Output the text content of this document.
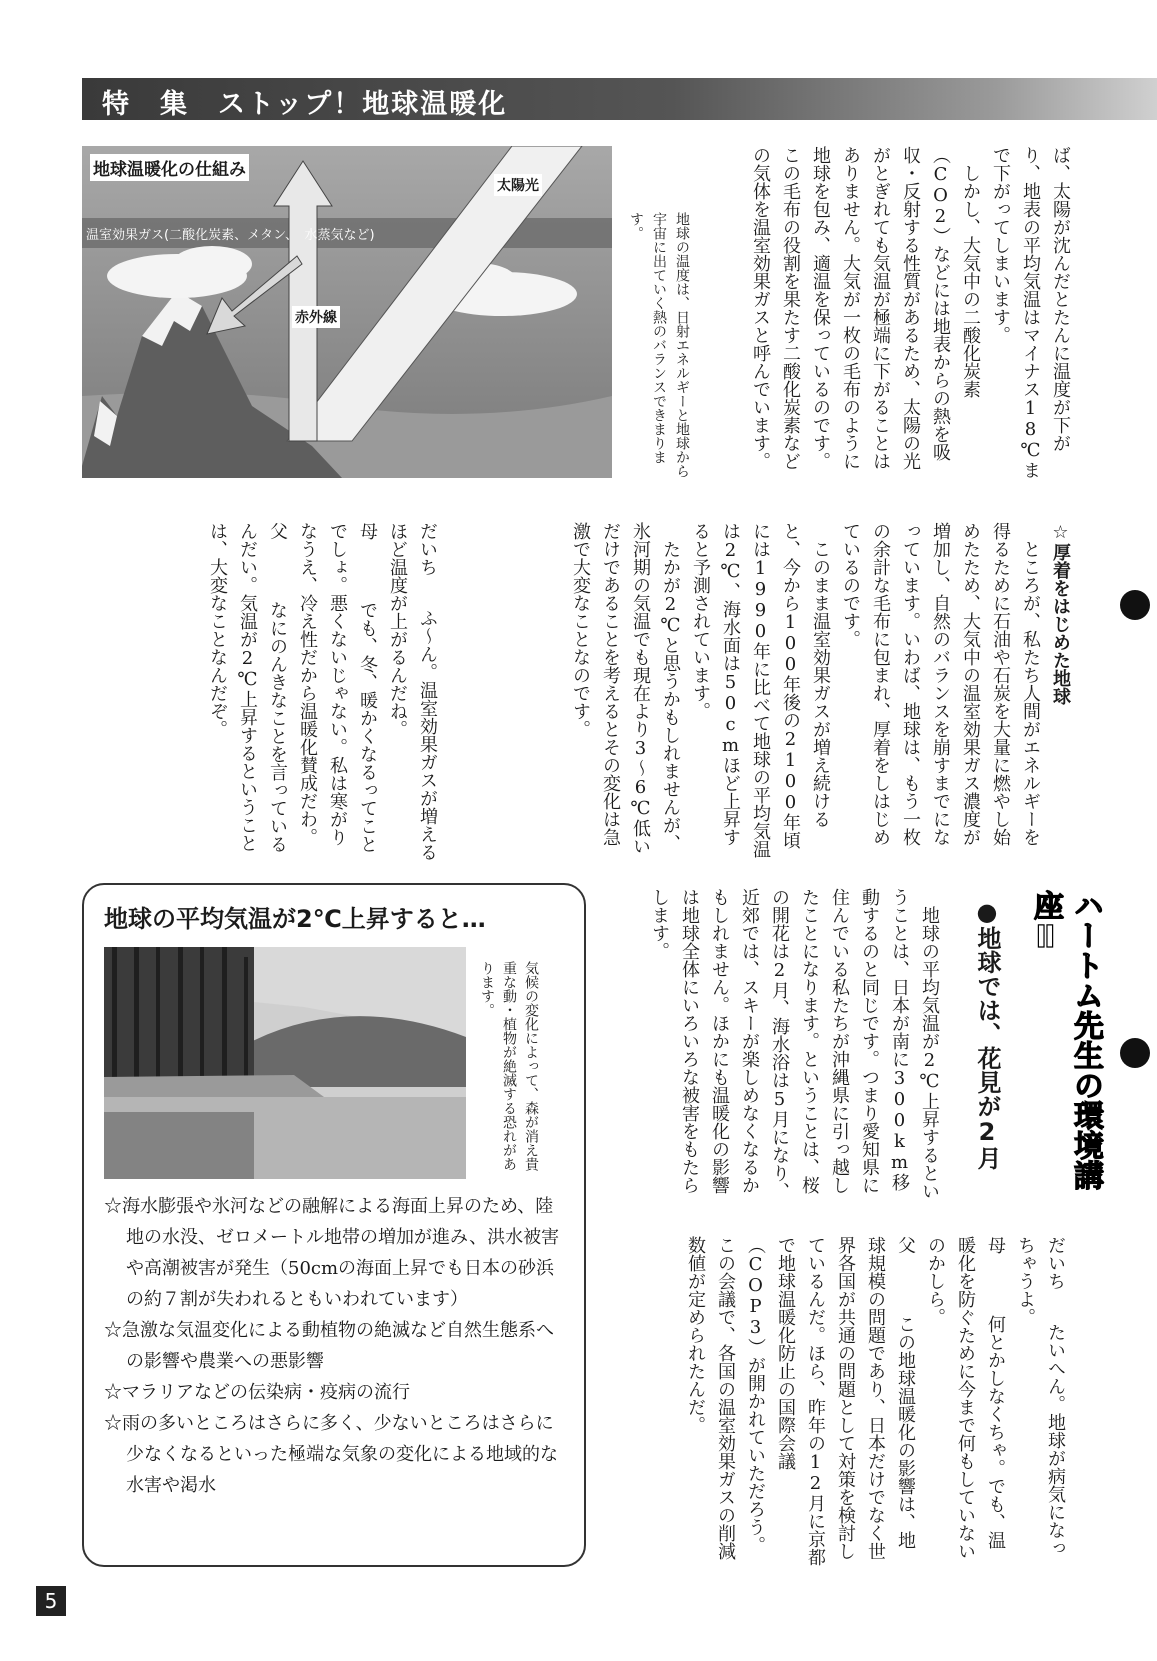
特　集　ストップ！地球温暖化
地球温暖化の仕組み
太陽光
温室効果ガス(二酸化炭素、メタン、　水蒸気など)
赤外線	地球の温度は、日射エネルギーと地球から宇宙に出ていく熱のバランスできまります。	ば、太陽が沈んだとたんに温度が下がり、地表の平均気温はマイナス18℃まで下がってしまいます。

しかし、大気中の二酸化炭素（CO2）などには地表からの熱を吸収・反射する性質があるため、太陽の光がとぎれても気温が極端に下がることはありません。大気が一枚の毛布のように地球を包み、適温を保っているのです。この毛布の役割を果たす二酸化炭素などの気体を温室効果ガスと呼んでいます。

☆厚着をはじめた地球

ところが、私たち人間がエネルギーを得るために石油や石炭を大量に燃やし始めたため、大気中の温室効果ガス濃度が増加し、自然のバランスを崩すまでになっています。いわば、地球は、もう一枚の余計な毛布に包まれ、厚着をしはじめているのです。

このまま温室効果ガスが増え続けると、今から100年後の2100年頃には1990年に比べて地球の平均気温は2℃、海水面は50cmほど上昇すると予測されています。

たかが2℃と思うかもしれませんが、氷河期の気温でも現在より3〜6℃低いだけであることを考えるとその変化は急激で大変なことなのです。

だいち ふ〜ん。温室効果ガスが増えるほど温度が上がるんだね。

母 でも、冬、暖かくなるってことでしょ。悪くないじゃない。私は寒がりなうえ、冷え性だから温暖化賛成だわ。

父 なにのんきなことを言っているんだい。気温が2℃上昇するということは、大変なことなんだぞ。

地球の平均気温が2℃上昇すると…
気候の変化によって、森が消え貴重な動・植物が絶滅する恐れがあります。

☆海水膨張や氷河などの融解による海面上昇のため、陸地の水没、ゼロメートル地帯の増加が進み、洪水被害や高潮被害が発生（50cmの海面上昇でも日本の砂浜の約７割が失われるともいわれています）

☆急激な気温変化による動植物の絶滅など自然生態系への影響や農業への悪影響

☆マラリアなどの伝染病・疫病の流行

☆雨の多いところはさらに多く、少ないところはさらに少なくなるといった極端な気象の変化による地域的な水害や渇水

ハートム先生の環境講座Ⅱ
●地球では、花見が2月

地球の平均気温が2℃上昇するということは、日本が南に300km移動するのと同じです。つまり愛知県に住んでいる私たちが沖縄県に引っ越したことになります。ということは、桜の開花は2月、海水浴は5月になり、近郊では、スキーが楽しめなくなるかもしれません。ほかにも温暖化の影響は地球全体にいろいろな被害をもたらします。

だいち たいへん。地球が病気になっちゃうよ。

母 何とかしなくちゃ。でも、温暖化を防ぐために今まで何もしていないのかしら。

父 この地球温暖化の影響は、地球規模の問題であり、日本だけでなく世界各国が共通の問題として対策を検討しているんだ。ほら、昨年の12月に京都で地球温暖化防止の国際会議（COP3）が開かれていただろう。この会議で、各国の温室効果ガスの削減数値が定められたんだ。

5
